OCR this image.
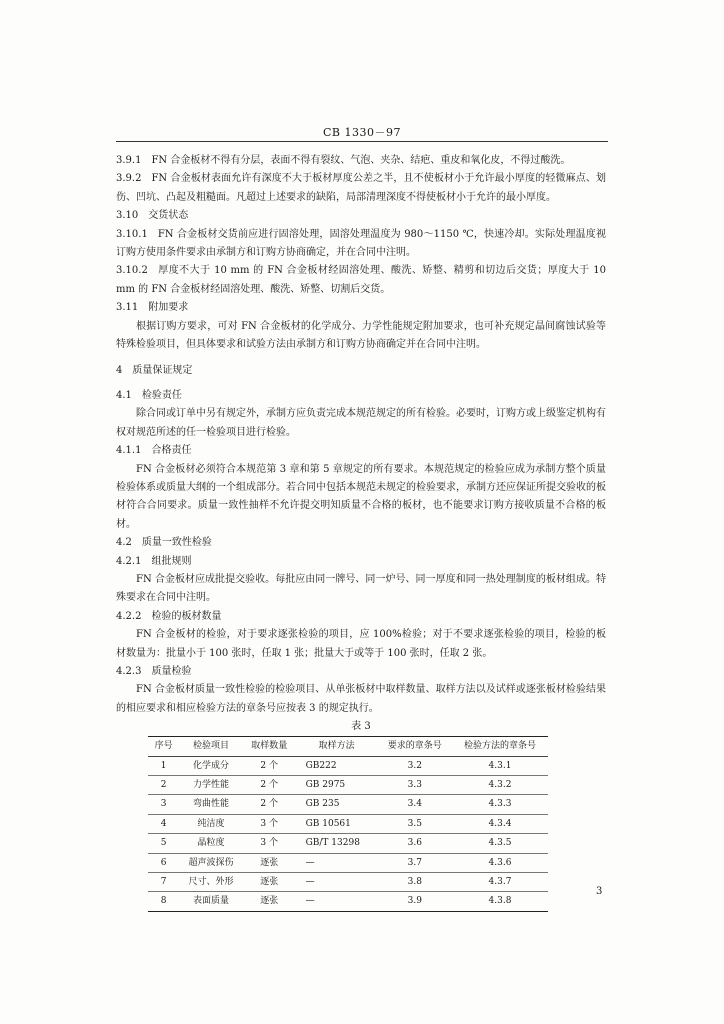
CB 1330－97

3.9.1 FN 合金板材不得有分层，表面不得有裂纹、气泡、夹杂、结疤、重皮和氧化皮，不得过酸洗。

3.9.2 FN 合金板材表面允许有深度不大于板材厚度公差之半，且不使板材小于允许最小厚度的轻微麻点、划伤、凹坑、凸起及粗糙面。凡超过上述要求的缺陷，局部清理深度不得使板材小于允许的最小厚度。

3.10 交货状态

3.10.1 FN 合金板材交货前应进行固溶处理，固溶处理温度为 980～1150 ℃，快速冷却。实际处理温度视订购方使用条件要求由承制方和订购方协商确定，并在合同中注明。

3.10.2 厚度不大于 10 mm 的 FN 合金板材经固溶处理、酸洗、矫整、精剪和切边后交货；厚度大于 10 mm 的 FN 合金板材经固溶处理、酸洗、矫整、切割后交货。

3.11 附加要求

根据订购方要求，可对 FN 合金板材的化学成分、力学性能规定附加要求，也可补充规定晶间腐蚀试验等特殊检验项目，但具体要求和试验方法由承制方和订购方协商确定并在合同中注明。

4 质量保证规定

4.1 检验责任

除合同或订单中另有规定外，承制方应负责完成本规范规定的所有检验。必要时，订购方或上级鉴定机构有权对规范所述的任一检验项目进行检验。

4.1.1 合格责任

FN 合金板材必须符合本规范第 3 章和第 5 章规定的所有要求。本规范规定的检验应成为承制方整个质量检验体系或质量大纲的一个组成部分。若合同中包括本规范未规定的检验要求，承制方还应保证所提交验收的板材符合合同要求。质量一致性抽样不允许提交明知质量不合格的板材，也不能要求订购方接收质量不合格的板材。

4.2 质量一致性检验

4.2.1 组批规则

FN 合金板材应成批提交验收。每批应由同一牌号、同一炉号、同一厚度和同一热处理制度的板材组成。特殊要求在合同中注明。

4.2.2 检验的板材数量

FN 合金板材的检验，对于要求逐张检验的项目，应 100%检验；对于不要求逐张检验的项目，检验的板材数量为：批量小于 100 张时，任取 1 张；批量大于或等于 100 张时，任取 2 张。

4.2.3 质量检验

FN 合金板材质量一致性检验的检验项目、从单张板材中取样数量、取样方法以及试样或逐张板材检验结果的相应要求和相应检验方法的章条号应按表 3 的规定执行。

表 3
序号	检验项目	取样数量	取样方法	要求的章条号	检验方法的章条号
1	化学成分	2 个	GB222	3.2	4.3.1
2	力学性能	2 个	GB 2975	3.3	4.3.2
3	弯曲性能	2 个	GB 235	3.4	4.3.3
4	纯洁度	3 个	GB 10561	3.5	4.3.4
5	晶粒度	3 个	GB/T 13298	3.6	4.3.5
6	超声波探伤	逐张	—	3.7	4.3.6
7	尺寸、外形	逐张	—	3.8	4.3.7
8	表面质量	逐张	—	3.9	4.3.8
3
